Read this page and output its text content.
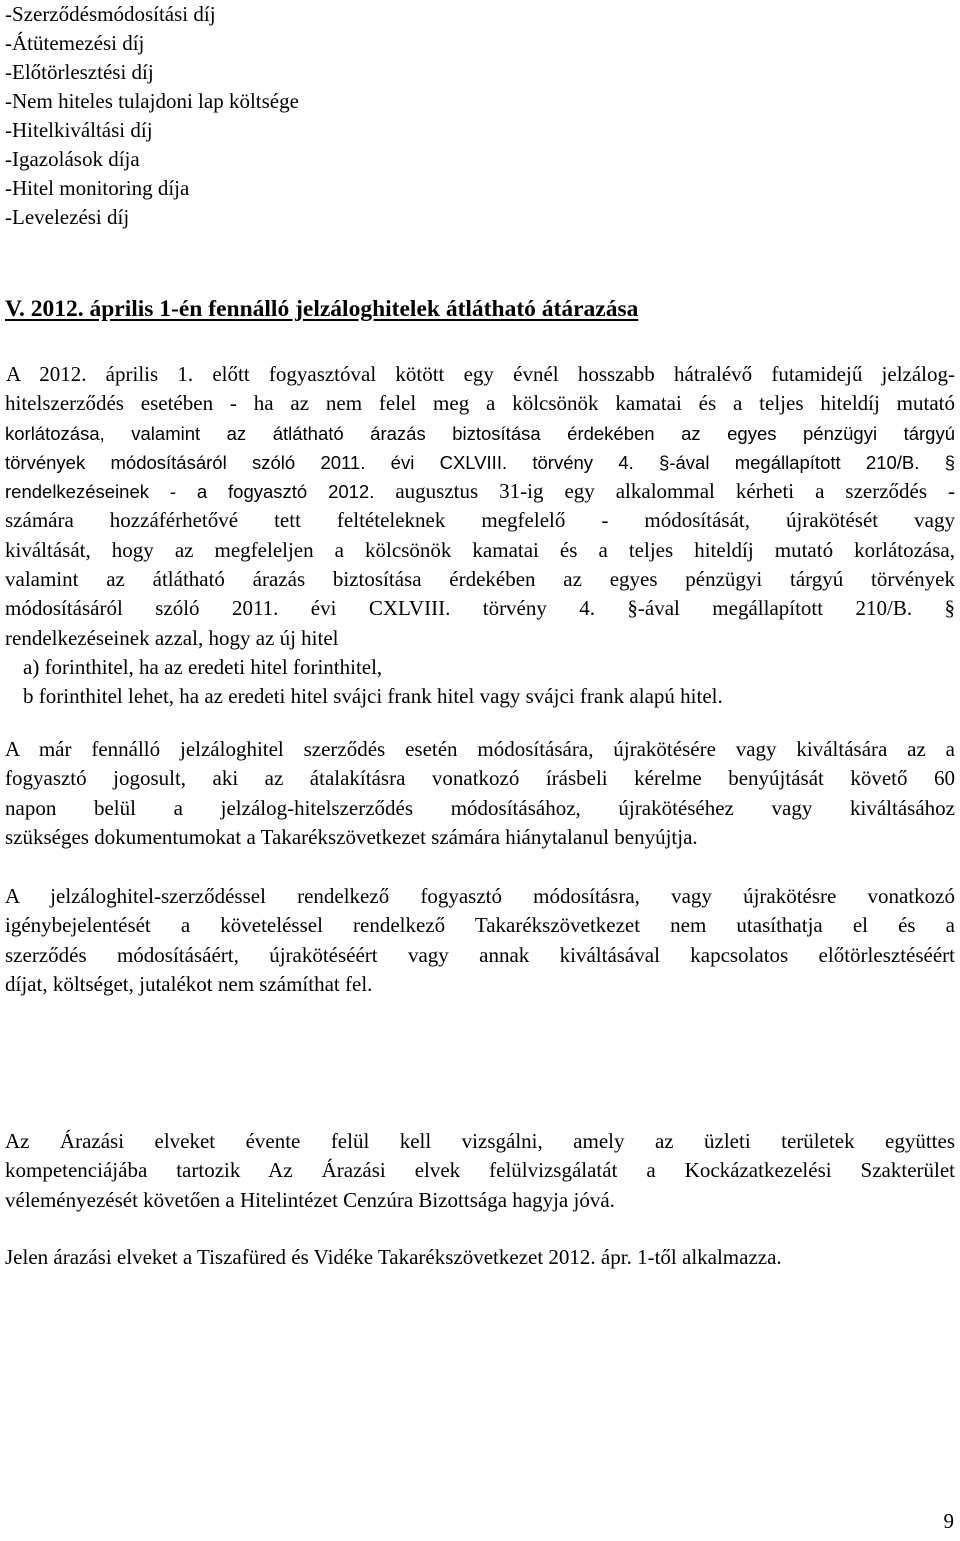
-Szerződésmódosítási díj
-Átütemezési díj
-Előtörlesztési díj
-Nem hiteles tulajdoni lap költsége
-Hitelkiváltási díj
-Igazolások díja
-Hitel monitoring díja
-Levelezési díj
V. 2012. április 1-én fennálló jelzáloghitelek átlátható átárazása
A 2012. április 1. előtt fogyasztóval kötött egy évnél hosszabb hátralévő futamidejű jelzálog-
hitelszerződés esetében - ha az nem felel meg a kölcsönök kamatai és a teljes hiteldíj mutató
korlátozása, valamint az átlátható árazás biztosítása érdekében az egyes pénzügyi tárgyú
törvények módosításáról szóló 2011. évi CXLVIII. törvény 4. §-ával megállapított 210/B. §
rendelkezéseinek - a fogyasztó 2012. augusztus 31-ig egy alkalommal kérheti a szerződés -
számára hozzáférhetővé tett feltételeknek megfelelő - módosítását, újrakötését vagy
kiváltását, hogy az megfeleljen a kölcsönök kamatai és a teljes hiteldíj mutató korlátozása,
valamint az átlátható árazás biztosítása érdekében az egyes pénzügyi tárgyú törvények
módosításáról szóló 2011. évi CXLVIII. törvény 4. §-ával megállapított 210/B. §
rendelkezéseinek azzal, hogy az új hitel
a) forinthitel, ha az eredeti hitel forinthitel,
b forinthitel lehet, ha az eredeti hitel svájci frank hitel vagy svájci frank alapú hitel.
A már fennálló jelzáloghitel szerződés esetén módosítására, újrakötésére vagy kiváltására az a
fogyasztó jogosult, aki az átalakításra vonatkozó írásbeli kérelme benyújtását követő 60
napon belül a jelzálog-hitelszerződés módosításához, újrakötéséhez vagy kiváltásához
szükséges dokumentumokat a Takarékszövetkezet számára hiánytalanul benyújtja.
A jelzáloghitel-szerződéssel rendelkező fogyasztó módosításra, vagy újrakötésre vonatkozó
igénybejelentését a követeléssel rendelkező Takarékszövetkezet nem utasíthatja el és a
szerződés módosításáért, újrakötéséért vagy annak kiváltásával kapcsolatos előtörlesztéséért
díjat, költséget, jutalékot nem számíthat fel.
Az Árazási elveket évente felül kell vizsgálni, amely az üzleti területek együttes
kompetenciájába tartozik Az Árazási elvek felülvizsgálatát a Kockázatkezelési Szakterület
véleményezését követően a Hitelintézet Cenzúra Bizottsága hagyja jóvá.
Jelen árazási elveket a Tiszafüred és Vidéke Takarékszövetkezet 2012. ápr. 1-től alkalmazza.
9
